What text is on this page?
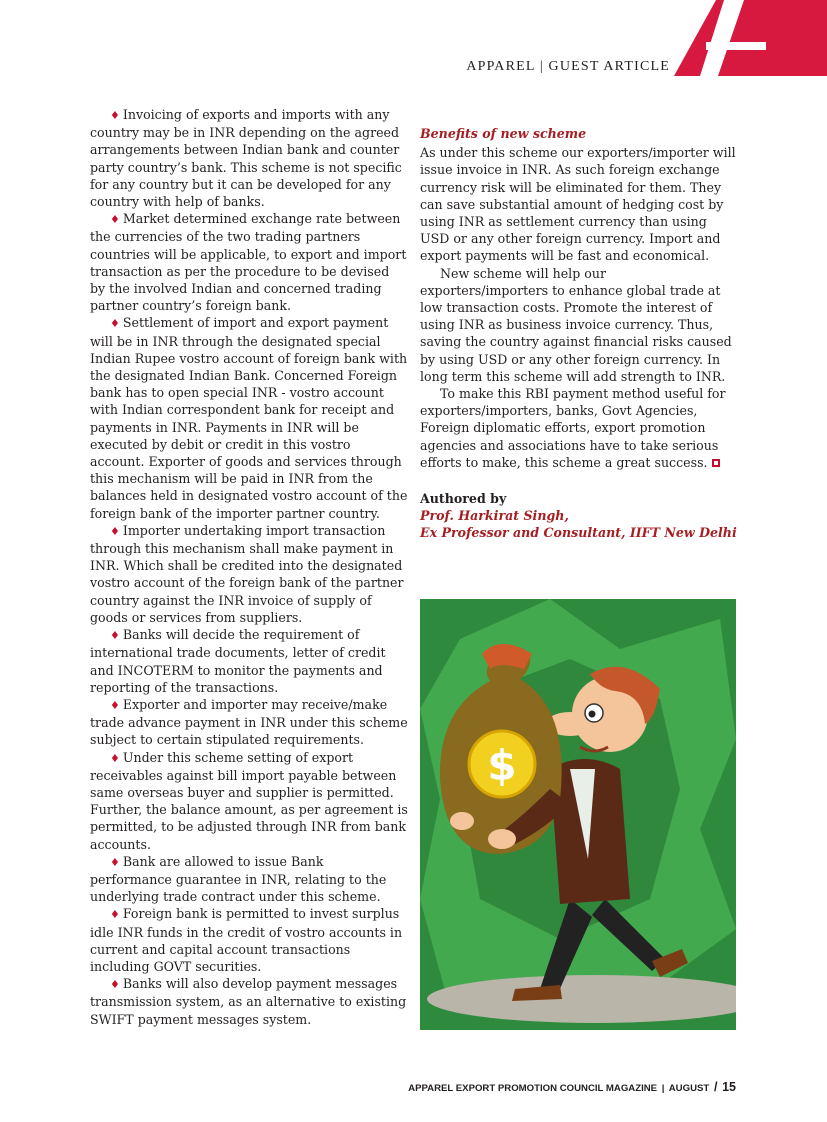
APPAREL | GUEST ARTICLE

♦ Invoicing of exports and imports with any country may be in INR depending on the agreed arrangements between Indian bank and counter party country’s bank. This scheme is not specific for any country but it can be developed for any country with help of banks.

♦ Market determined exchange rate between the currencies of the two trading partners countries will be applicable, to export and import transaction as per the procedure to be devised by the involved Indian and concerned trading partner country’s foreign bank.

♦ Settlement of import and export payment will be in INR through the designated special Indian Rupee vostro account of foreign bank with the designated Indian Bank. Concerned Foreign bank has to open special INR - vostro account with Indian correspondent bank for receipt and payments in INR. Payments in INR will be executed by debit or credit in this vostro account. Exporter of goods and services through this mechanism will be paid in INR from the balances held in designated vostro account of the foreign bank of the importer partner country.

♦ Importer undertaking import transaction through this mechanism shall make payment in INR. Which shall be credited into the designated vostro account of the foreign bank of the partner country against the INR invoice of supply of goods or services from suppliers.

♦ Banks will decide the requirement of international trade documents, letter of credit and INCOTERM to monitor the payments and reporting of the transactions.

♦ Exporter and importer may receive/make trade advance payment in INR under this scheme subject to certain stipulated requirements.

♦ Under this scheme setting of export receivables against bill import payable between same overseas buyer and supplier is permitted. Further, the balance amount, as per agreement is permitted, to be adjusted through INR from bank accounts.

♦ Bank are allowed to issue Bank performance guarantee in INR, relating to the underlying trade contract under this scheme.

♦ Foreign bank is permitted to invest surplus idle INR funds in the credit of vostro accounts in current and capital account transactions including GOVT securities.

♦ Banks will also develop payment messages transmission system, as an alternative to existing SWIFT payment messages system.

Benefits of new scheme

As under this scheme our exporters/importer will issue invoice in INR. As such foreign exchange currency risk will be eliminated for them. They can save substantial amount of hedging cost by using INR as settlement currency than using USD or any other foreign currency. Import and export payments will be fast and economical.

New scheme will help our exporters/importers to enhance global trade at low transaction costs. Promote the interest of using INR as business invoice currency. Thus, saving the country against financial risks caused by using USD or any other foreign currency. In long term this scheme will add strength to INR.

To make this RBI payment method useful for exporters/importers, banks, Govt Agencies, Foreign diplomatic efforts, export promotion agencies and associations have to take serious efforts to make, this scheme a great success.

Authored by
Prof. Harkirat Singh,
Ex Professor and Consultant, IIFT New Delhi
$
APPAREL EXPORT PROMOTION COUNCIL MAGAZINE | AUGUST / 15
